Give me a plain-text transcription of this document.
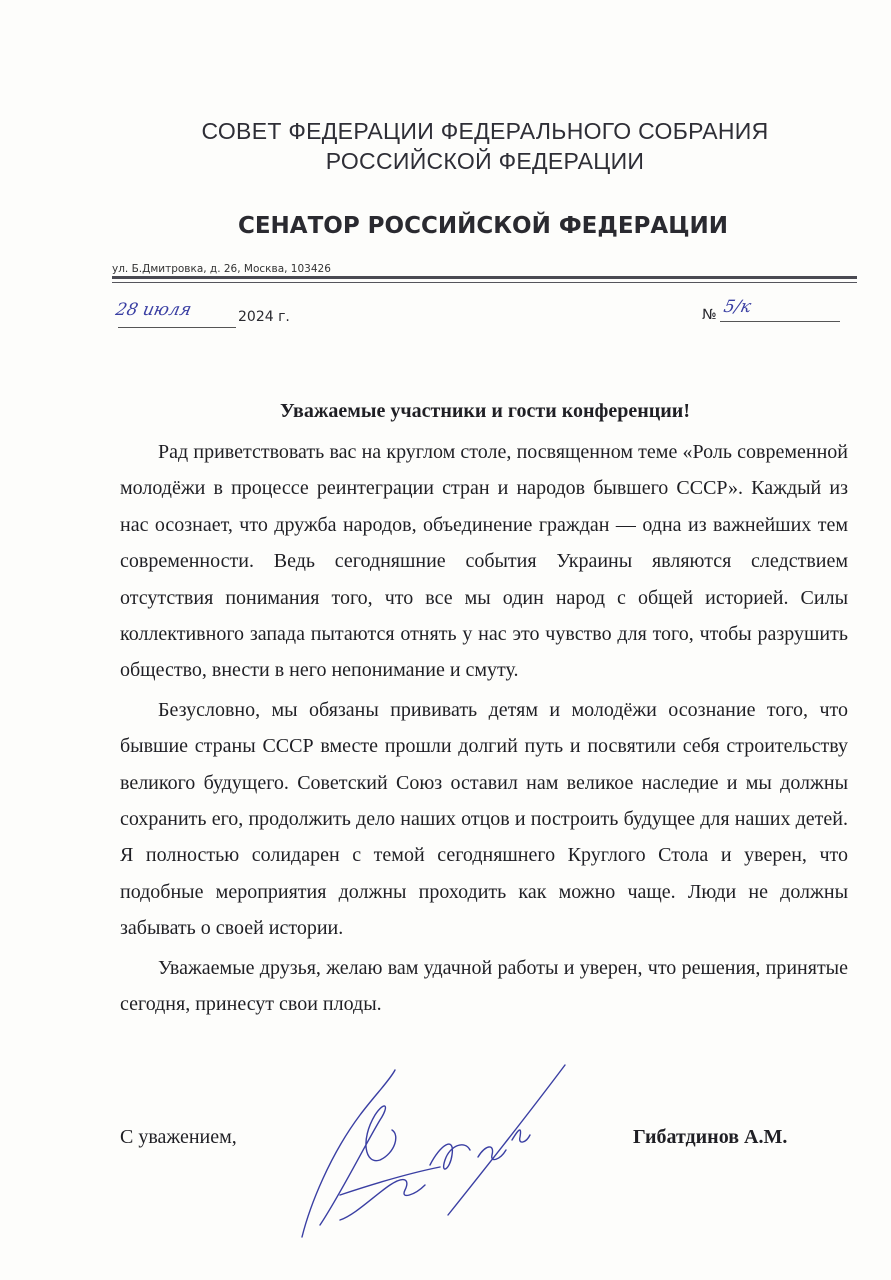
СОВЕТ ФЕДЕРАЦИИ ФЕДЕРАЛЬНОГО СОБРАНИЯ
РОССИЙСКОЙ ФЕДЕРАЦИИ
СЕНАТОР РОССИЙСКОЙ ФЕДЕРАЦИИ
ул. Б.Дмитровка, д. 26, Москва, 103426
28 июля	2024 г.	№ 5/к
Уважаемые участники и гости конференции!

Рад приветствовать вас на круглом столе, посвященном теме «Роль современной молодёжи в процессе реинтеграции стран и народов бывшего СССР». Каждый из нас осознает, что дружба народов, объединение граждан — одна из важнейших тем современности. Ведь сегодняшние события Украины являются следствием отсутствия понимания того, что все мы один народ с общей историей. Силы коллективного запада пытаются отнять у нас это чувство для того, чтобы разрушить общество, внести в него непонимание и смуту.

Безусловно, мы обязаны прививать детям и молодёжи осознание того, что бывшие страны СССР вместе прошли долгий путь и посвятили себя строительству великого будущего. Советский Союз оставил нам великое наследие и мы должны сохранить его, продолжить дело наших отцов и построить будущее для наших детей. Я полностью солидарен с темой сегодняшнего Круглого Стола и уверен, что подобные мероприятия должны проходить как можно чаще. Люди не должны забывать о своей истории.

Уважаемые друзья, желаю вам удачной работы и уверен, что решения, принятые сегодня, принесут свои плоды.

С уважением,	Гибатдинов А.М.
